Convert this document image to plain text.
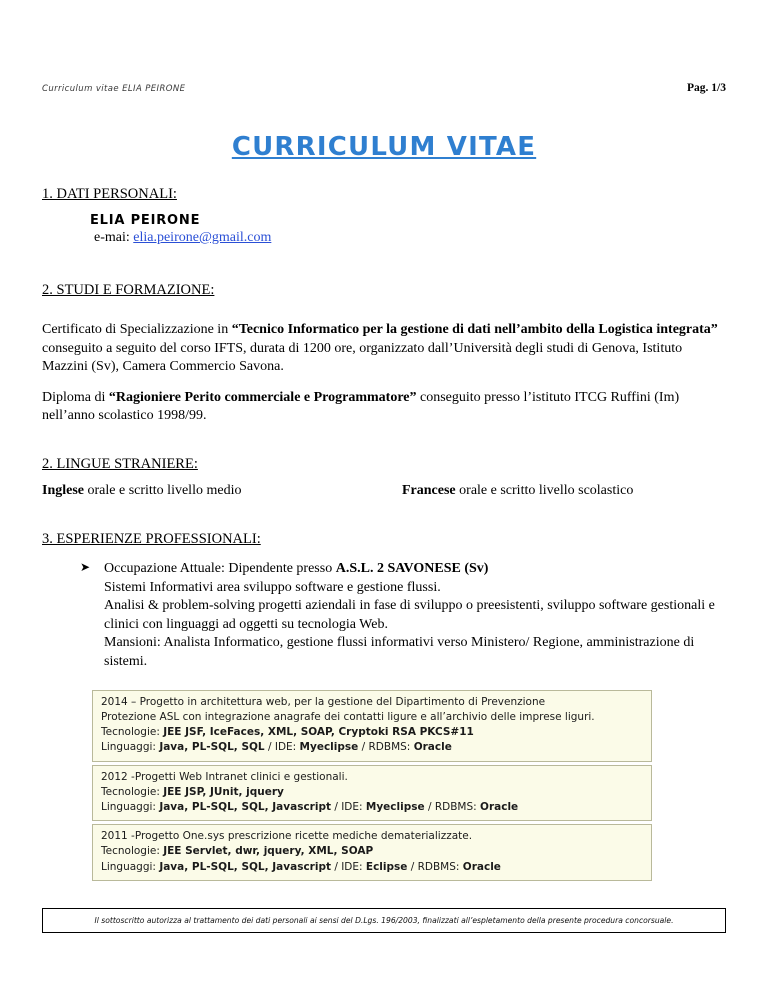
Curriculum vitae ELIA PEIRONE	Pag. 1/3
CURRICULUM VITAE
1. DATI PERSONALI:
ELIA PEIRONE
e-mai: elia.peirone@gmail.com
2. STUDI E FORMAZIONE:
Certificato di Specializzazione in “Tecnico Informatico per la gestione di dati nell’ambito della Logistica integrata” conseguito a seguito del corso IFTS, durata di 1200 ore, organizzato dall’Università degli studi di Genova, Istituto Mazzini (Sv), Camera Commercio Savona.
Diploma di “Ragioniere Perito commerciale e Programmatore” conseguito presso l’istituto ITCG Ruffini (Im) nell’anno scolastico 1998/99.
2. LINGUE STRANIERE:
Inglese orale e scritto livello medio	Francese orale e scritto livello scolastico
3. ESPERIENZE PROFESSIONALI:
➤ Occupazione Attuale: Dipendente presso A.S.L. 2 SAVONESE (Sv)
Sistemi Informativi area sviluppo software e gestione flussi.
Analisi & problem-solving progetti aziendali in fase di sviluppo o preesistenti, sviluppo software gestionali e clinici con linguaggi ad oggetti su tecnologia Web.
Mansioni: Analista Informatico, gestione flussi informativi verso Ministero/ Regione, amministrazione di sistemi.
2014 – Progetto in architettura web, per la gestione del Dipartimento di Prevenzione
Protezione ASL con integrazione anagrafe dei contatti ligure e all’archivio delle imprese liguri.
Tecnologie: JEE JSF, IceFaces, XML, SOAP, Cryptoki RSA PKCS#11
Linguaggi: Java, PL-SQL, SQL / IDE: Myeclipse / RDBMS: Oracle
2012 -Progetti Web Intranet clinici e gestionali.
Tecnologie: JEE JSP, JUnit, jquery
Linguaggi: Java, PL-SQL, SQL, Javascript / IDE: Myeclipse / RDBMS: Oracle
2011 -Progetto One.sys prescrizione ricette mediche dematerializzate.
Tecnologie: JEE Servlet, dwr, jquery, XML, SOAP
Linguaggi: Java, PL-SQL, SQL, Javascript / IDE: Eclipse / RDBMS: Oracle
Il sottoscritto autorizza al trattamento dei dati personali ai sensi del D.Lgs. 196/2003, finalizzati all’espletamento della presente procedura concorsuale.
